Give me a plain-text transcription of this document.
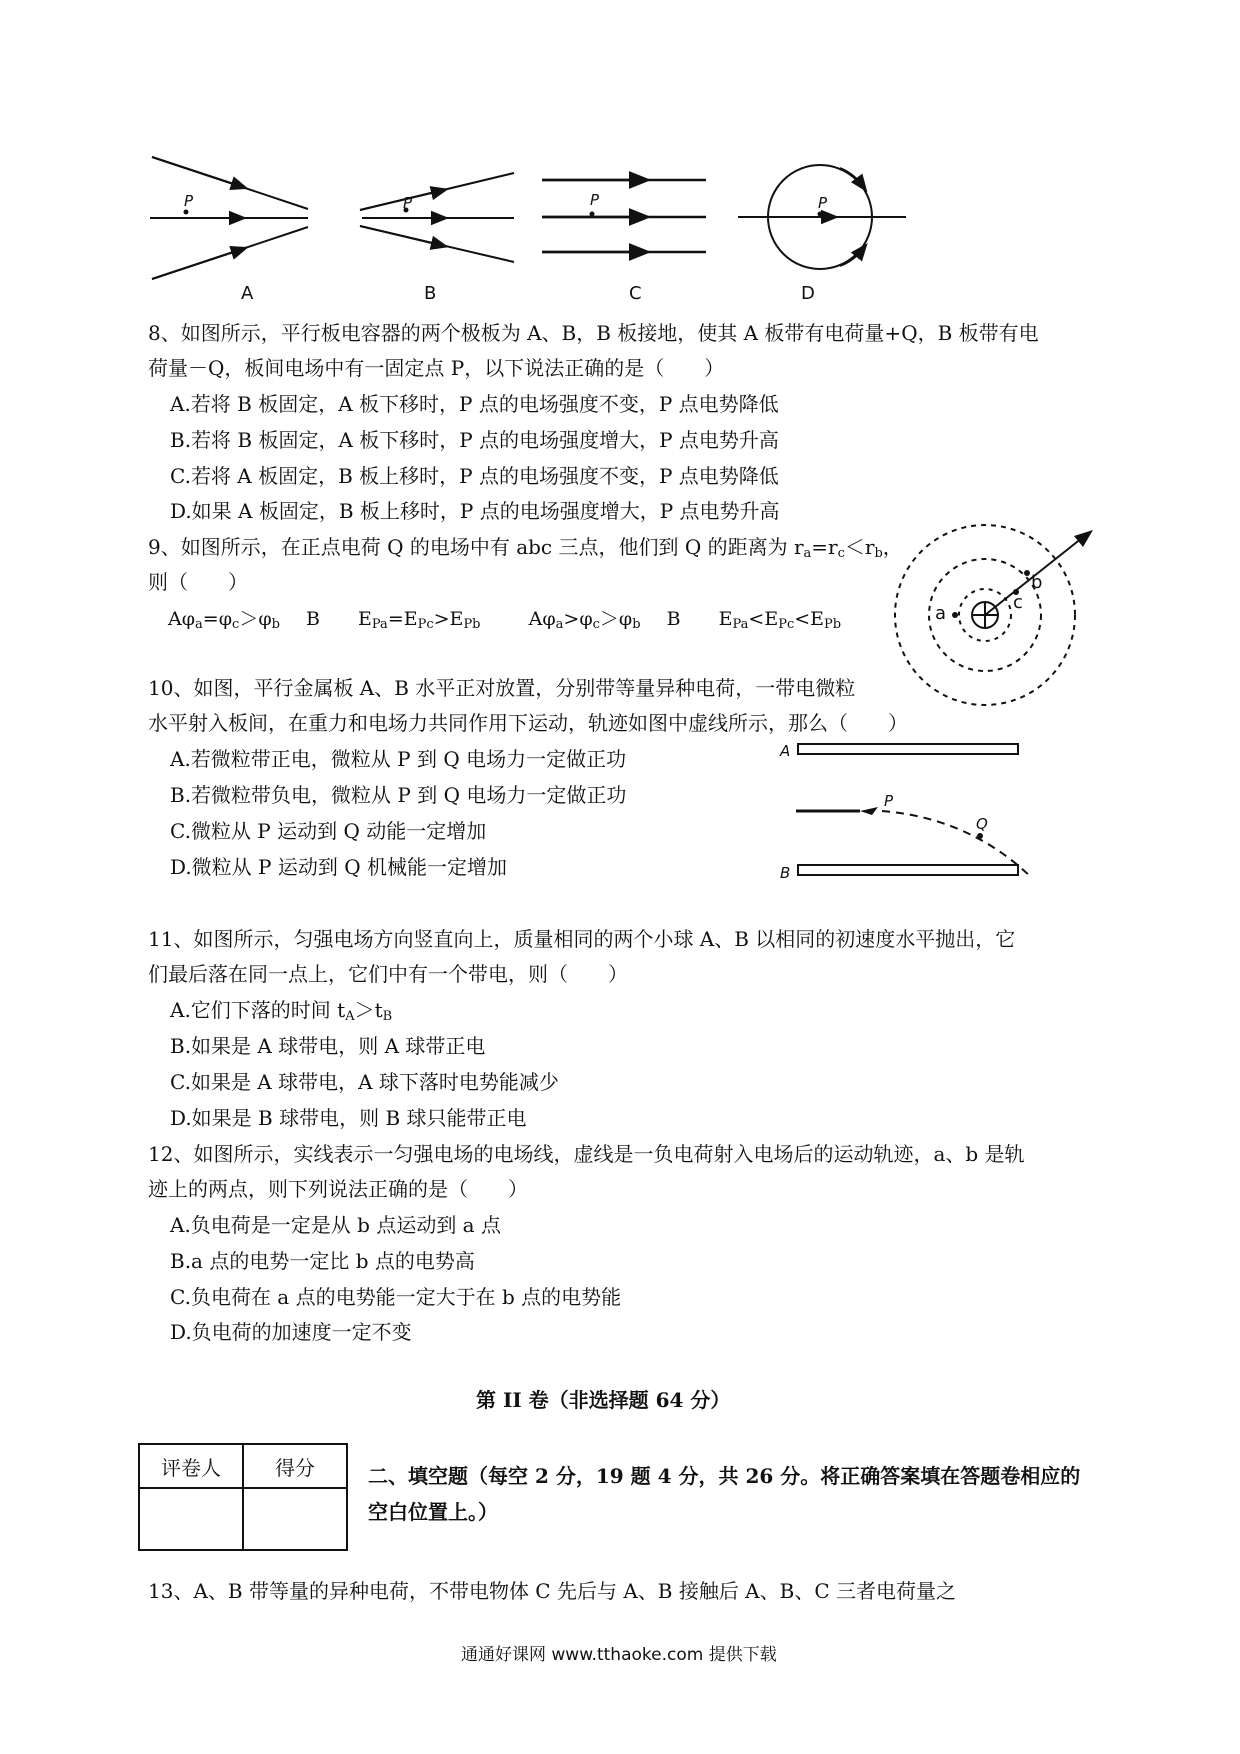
P	P	P	P
A	B	C	D
8、如图所示，平行板电容器的两个极板为 A、B，B 板接地，使其 A 板带有电荷量+Q，B 板带有电
荷量－Q，板间电场中有一固定点 P，以下说法正确的是（　　）
A.若将 B 板固定，A 板下移时，P 点的电场强度不变，P 点电势降低
B.若将 B 板固定，A 板下移时，P 点的电场强度增大，P 点电势升高
C.若将 A 板固定，B 板上移时，P 点的电场强度不变，P 点电势降低
D.如果 A 板固定，B 板上移时，P 点的电场强度增大，P 点电势升高
9、如图所示，在正点电荷 Q 的电场中有 abc 三点，他们到 Q 的距离为 $r_a=r_c<r_b$，
则（　　）
$A\varphi_a=\varphi_c>\varphi_b$ B　　$E_{Pa}=E_{Pc}>E_{Pb}$	$A\varphi_a>\varphi_c>\varphi_b$ B　　$E_{Pa}<E_{Pc}<E_{Pb}$
a
c
b
10、如图，平行金属板 A、B 水平正对放置，分别带等量异种电荷，一带电微粒
水平射入板间，在重力和电场力共同作用下运动，轨迹如图中虚线所示，那么（　　）
A.若微粒带正电，微粒从 P 到 Q 电场力一定做正功
B.若微粒带负电，微粒从 P 到 Q 电场力一定做正功
C.微粒从 P 运动到 Q 动能一定增加
D.微粒从 P 运动到 Q 机械能一定增加
A
B
P
Q
11、如图所示，匀强电场方向竖直向上，质量相同的两个小球 A、B 以相同的初速度水平抛出，它
们最后落在同一点上，它们中有一个带电，则（　　）
A.它们下落的时间 $t_A>t_B$
B.如果是 A 球带电，则 A 球带正电
C.如果是 A 球带电，A 球下落时电势能减少
D.如果是 B 球带电，则 B 球只能带正电
12、如图所示，实线表示一匀强电场的电场线，虚线是一负电荷射入电场后的运动轨迹，a、b 是轨
迹上的两点，则下列说法正确的是（　　）
A.负电荷是一定是从 b 点运动到 a 点
B.a 点的电势一定比 b 点的电势高
C.负电荷在 a 点的电势能一定大于在 b 点的电势能
D.负电荷的加速度一定不变
第 II 卷（非选择题 64 分）
评卷人	得分
		二、填空题（每空 2 分，19 题 4 分，共 26 分。将正确答案填在答题卷相应的
空白位置上。）
13、A、B 带等量的异种电荷，不带电物体 C 先后与 A、B 接触后 A、B、C 三者电荷量之
通通好课网 www.tthaoke.com 提供下载
